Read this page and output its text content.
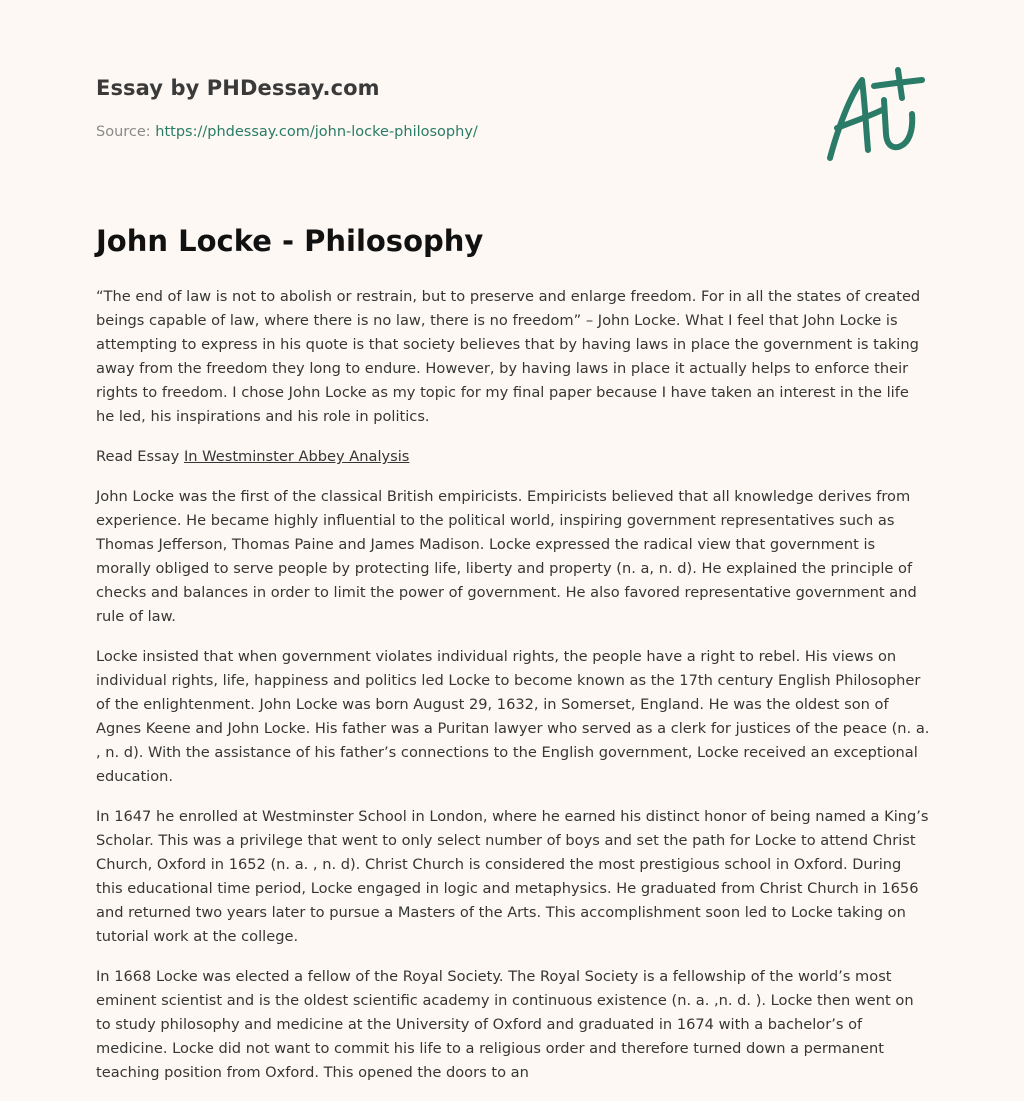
Essay by PHDessay.com
Source: https://phdessay.com/john-locke-philosophy/
John Locke - Philosophy

“The end of law is not to abolish or restrain, but to preserve and enlarge freedom. For in all the states of created beings capable of law, where there is no law, there is no freedom” – John Locke. What I feel that John Locke is attempting to express in his quote is that society believes that by having laws in place the government is taking away from the freedom they long to endure. However, by having laws in place it actually helps to enforce their rights to freedom. I chose John Locke as my topic for my final paper because I have taken an interest in the life he led, his inspirations and his role in politics.

Read Essay In Westminster Abbey Analysis

John Locke was the first of the classical British empiricists. Empiricists believed that all knowledge derives from experience. He became highly influential to the political world, inspiring government representatives such as Thomas Jefferson, Thomas Paine and James Madison. Locke expressed the radical view that government is morally obliged to serve people by protecting life, liberty and property (n. a, n. d). He explained the principle of checks and balances in order to limit the power of government. He also favored representative government and rule of law.

Locke insisted that when government violates individual rights, the people have a right to rebel. His views on individual rights, life, happiness and politics led Locke to become known as the 17th century English Philosopher of the enlightenment. John Locke was born August 29, 1632, in Somerset, England. He was the oldest son of Agnes Keene and John Locke. His father was a Puritan lawyer who served as a clerk for justices of the peace (n. a. , n. d). With the assistance of his father’s connections to the English government, Locke received an exceptional education.

In 1647 he enrolled at Westminster School in London, where he earned his distinct honor of being named a King’s Scholar. This was a privilege that went to only select number of boys and set the path for Locke to attend Christ Church, Oxford in 1652 (n. a. , n. d). Christ Church is considered the most prestigious school in Oxford. During this educational time period, Locke engaged in logic and metaphysics. He graduated from Christ Church in 1656 and returned two years later to pursue a Masters of the Arts. This accomplishment soon led to Locke taking on tutorial work at the college.

In 1668 Locke was elected a fellow of the Royal Society. The Royal Society is a fellowship of the world’s most eminent scientist and is the oldest scientific academy in continuous existence (n. a. ,n. d. ). Locke then went on to study philosophy and medicine at the University of Oxford and graduated in 1674 with a bachelor’s of medicine. Locke did not want to commit his life to a religious order and therefore turned down a permanent teaching position from Oxford. This opened the doors to an
